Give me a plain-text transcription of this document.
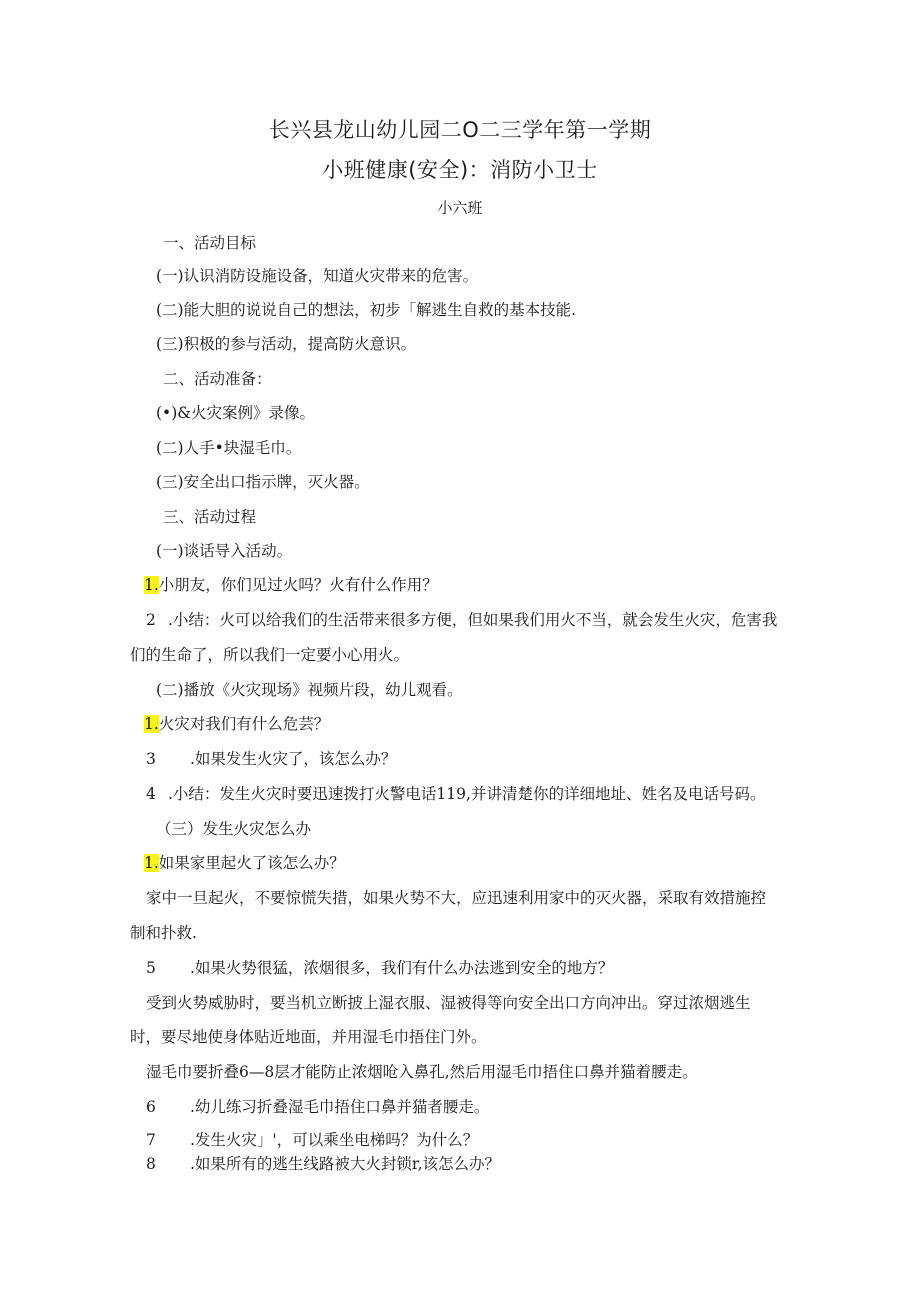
长兴县龙山幼儿园二O二三学年第一学期
小班健康(安全)：消防小卫士
小六班
一、活动目标
(一)认识消防设施设备，知道火灾带来的危害。
(二)能大胆的说说自己的想法，初步「解逃生自救的基本技能.
(三)积极的参与活动，提高防火意识。
二、活动准备：
(•)&火灾案例》录像。
(二)人手•块湿毛巾。
(三)安全出口指示牌，灭火器。
三、活动过程
(一)谈话导入活动。
1.小朋友，你们见过火吗？火有什么作用？
2 .小结：火可以给我们的生活带来很多方便，但如果我们用火不当，就会发生火灾，危害我
们的生命了，所以我们一定要小心用火。
(二)播放《火灾现场》视频片段，幼儿观看。
1.火灾对我们有什么危芸？
3 .如果发生火灾了，该怎么办？
4 .小结：发生火灾时要迅速拨打火警电话119,并讲清楚你的详细地址、姓名及电话号码。
（三）发生火灾怎么办
1.如果家里起火了该怎么办？
家中一旦起火，不要惊慌失措，如果火势不大，应迅速利用家中的灭火器，采取有效措施控
制和扑救.
5 .如果火势很猛，浓烟很多，我们有什么办法逃到安全的地方？
受到火势威胁时，要当机立断披上湿衣服、湿被得等向安全出口方向冲出。穿过浓烟逃生
时，要尽地使身体贴近地面，并用湿毛巾捂住门外。
湿毛巾要折叠6—8层才能防止浓烟呛入鼻孔,然后用湿毛巾捂住口鼻并猫着腰走。
6 .幼儿练习折叠湿毛巾捂住口鼻并猫者腰走。
7 .发生火灾」'，可以乘坐电梯吗？为什么？
8 .如果所有的逃生线路被大火封锁r,该怎么办？
